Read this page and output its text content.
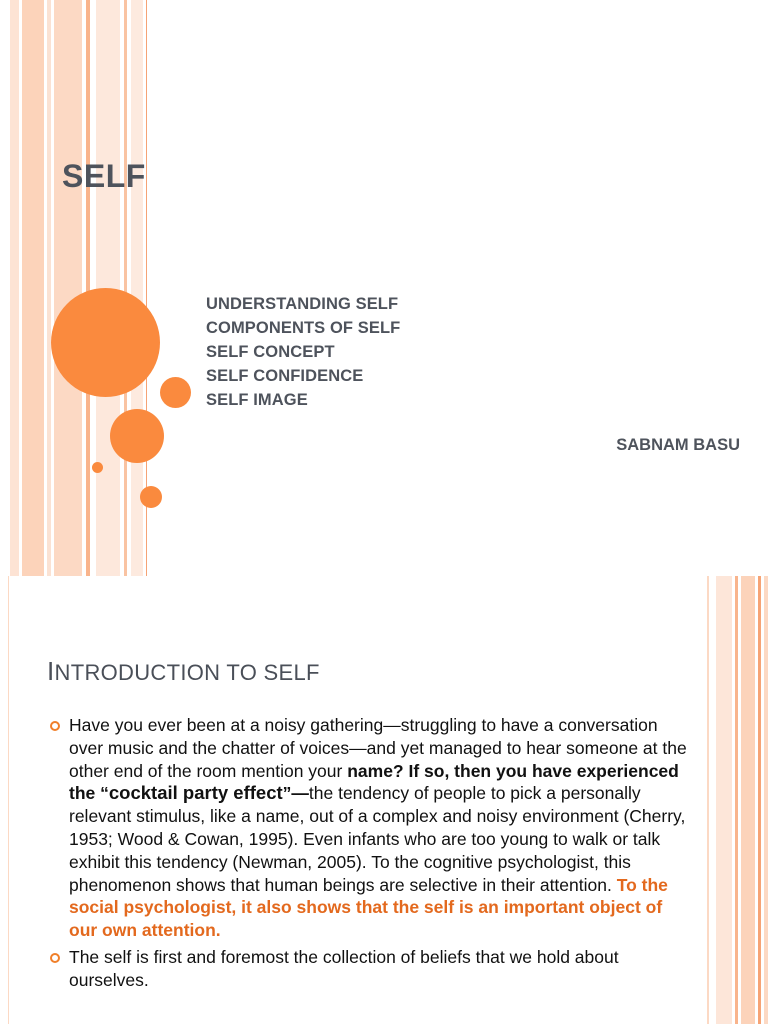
SELF
UNDERSTANDING SELF
COMPONENTS OF SELF
SELF CONCEPT
SELF CONFIDENCE
SELF IMAGE
SABNAM BASU
INTRODUCTION TO SELF
Have you ever been at a noisy gathering—struggling to have a conversation over music and the chatter of voices—and yet managed to hear someone at the other end of the room mention your name? If so, then you have experienced the “cocktail party effect”—the tendency of people to pick a personally relevant stimulus, like a name, out of a complex and noisy environment (Cherry, 1953; Wood & Cowan, 1995). Even infants who are too young to walk or talk exhibit this tendency (Newman, 2005). To the cognitive psychologist, this phenomenon shows that human beings are selective in their attention. To the social psychologist, it also shows that the self is an important object of our own attention.
The self is first and foremost the collection of beliefs that we hold about ourselves.
